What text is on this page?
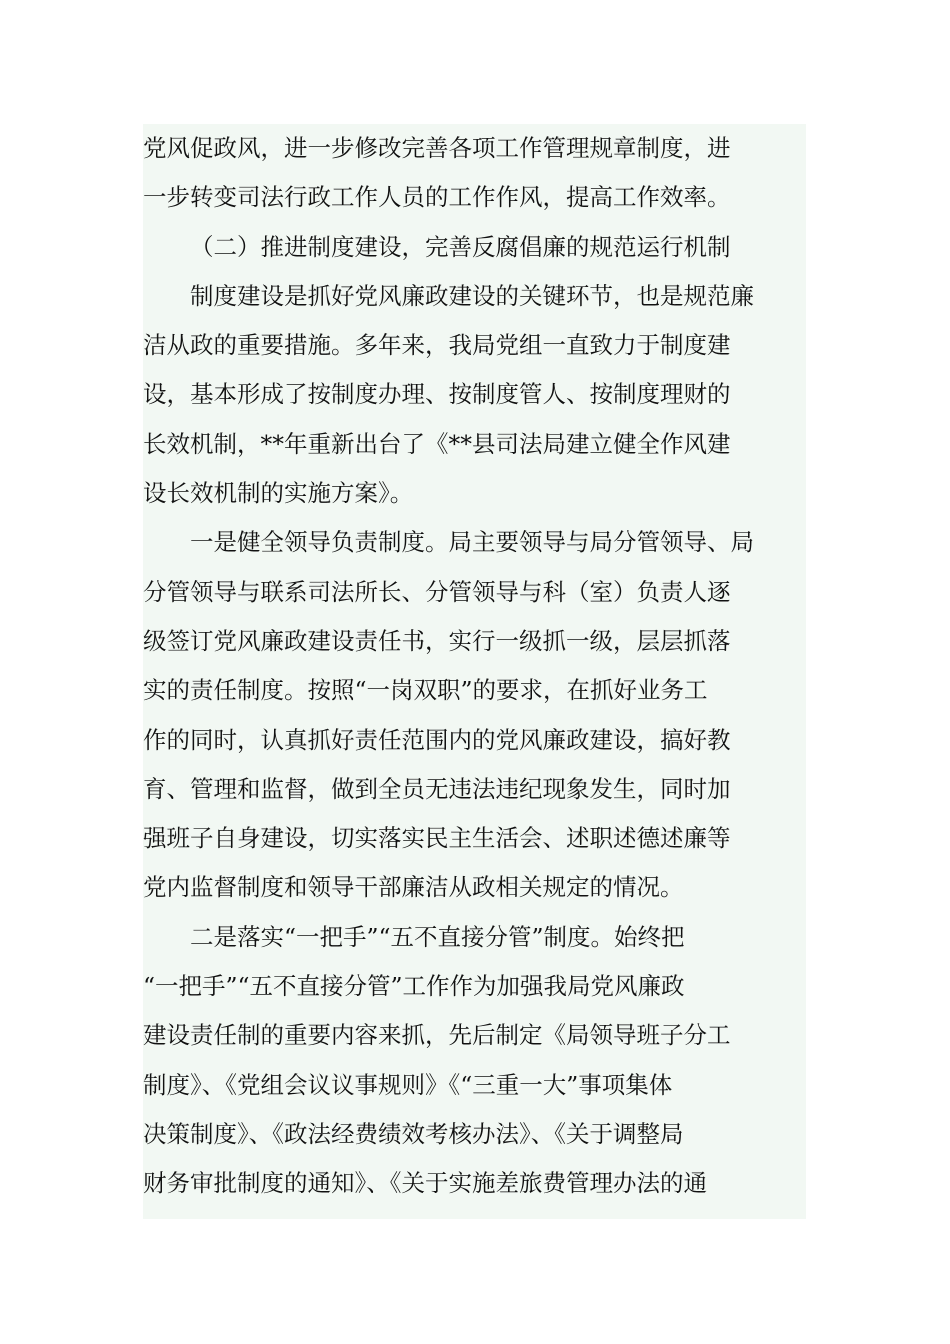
党风促政风，进一步修改完善各项工作管理规章制度，进
一步转变司法行政工作人员的工作作风，提高工作效率。
（二）推进制度建设，完善反腐倡廉的规范运行机制
制度建设是抓好党风廉政建设的关键环节，也是规范廉
洁从政的重要措施。多年来，我局党组一直致力于制度建
设，基本形成了按制度办理、按制度管人、按制度理财的
长效机制，**年重新出台了《**县司法局建立健全作风建
设长效机制的实施方案》。
一是健全领导负责制度。局主要领导与局分管领导、局
分管领导与联系司法所长、分管领导与科（室）负责人逐
级签订党风廉政建设责任书，实行一级抓一级，层层抓落
实的责任制度。按照“一岗双职”的要求，在抓好业务工
作的同时，认真抓好责任范围内的党风廉政建设，搞好教
育、管理和监督，做到全员无违法违纪现象发生，同时加
强班子自身建设，切实落实民主生活会、述职述德述廉等
党内监督制度和领导干部廉洁从政相关规定的情况。
二是落实“一把手”“五不直接分管”制度。始终把
“一把手”“五不直接分管”工作作为加强我局党风廉政
建设责任制的重要内容来抓，先后制定《局领导班子分工
制度》、《党组会议议事规则》《“三重一大”事项集体
决策制度》、《政法经费绩效考核办法》、《关于调整局
财务审批制度的通知》、《关于实施差旅费管理办法的通
